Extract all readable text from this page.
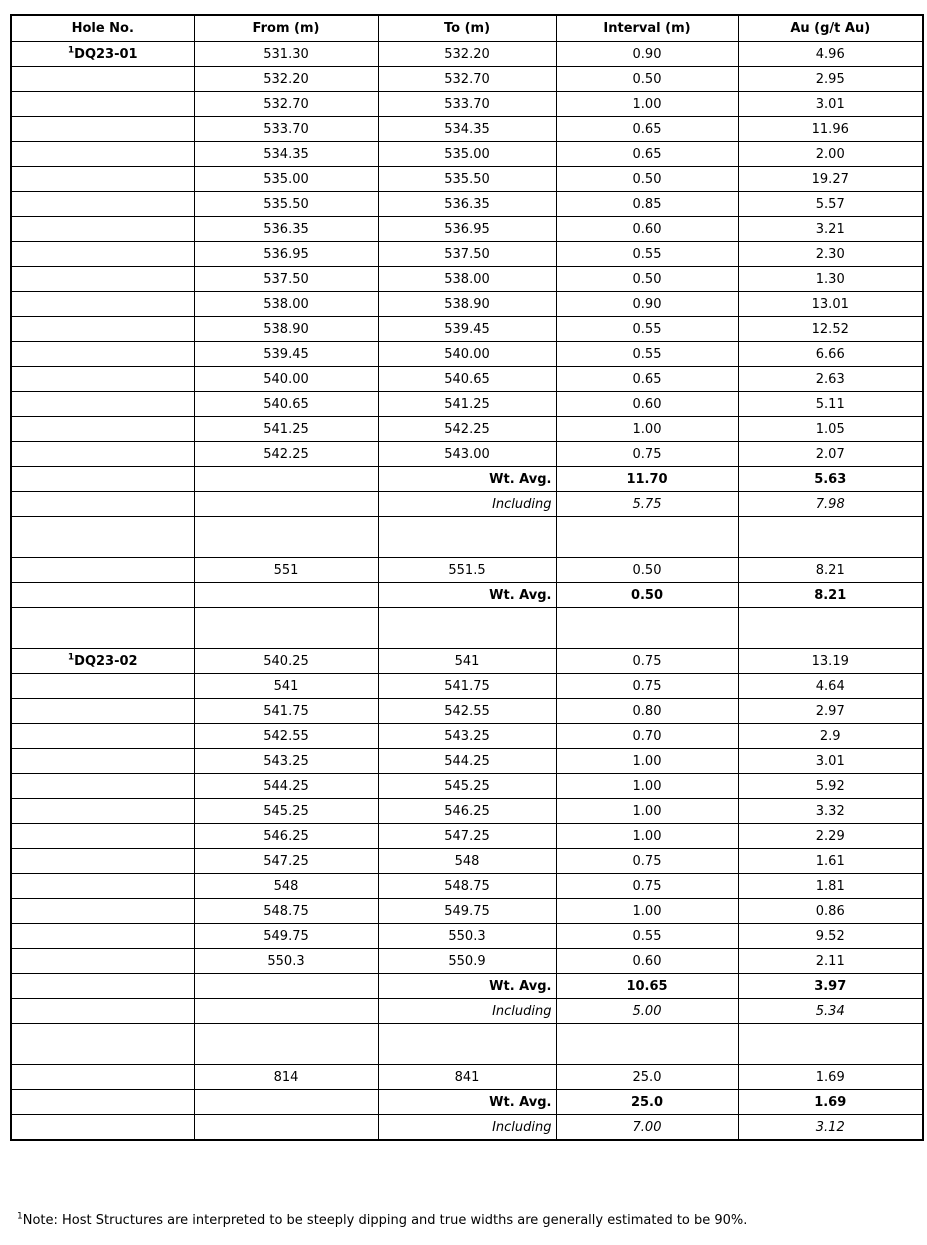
Hole No.	From (m)	To (m)	Interval (m)	Au (g/t Au)
$^1$DQ23-01	531.30	532.20	0.90	4.96
	532.20	532.70	0.50	2.95
	532.70	533.70	1.00	3.01
	533.70	534.35	0.65	11.96
	534.35	535.00	0.65	2.00
	535.00	535.50	0.50	19.27
	535.50	536.35	0.85	5.57
	536.35	536.95	0.60	3.21
	536.95	537.50	0.55	2.30
	537.50	538.00	0.50	1.30
	538.00	538.90	0.90	13.01
	538.90	539.45	0.55	12.52
	539.45	540.00	0.55	6.66
	540.00	540.65	0.65	2.63
	540.65	541.25	0.60	5.11
	541.25	542.25	1.00	1.05
	542.25	543.00	0.75	2.07
		Wt. Avg.	11.70	5.63
		Including	5.75	7.98

	551	551.5	0.50	8.21
		Wt. Avg.	0.50	8.21

$^1$DQ23-02	540.25	541	0.75	13.19
	541	541.75	0.75	4.64
	541.75	542.55	0.80	2.97
	542.55	543.25	0.70	2.9
	543.25	544.25	1.00	3.01
	544.25	545.25	1.00	5.92
	545.25	546.25	1.00	3.32
	546.25	547.25	1.00	2.29
	547.25	548	0.75	1.61
	548	548.75	0.75	1.81
	548.75	549.75	1.00	0.86
	549.75	550.3	0.55	9.52
	550.3	550.9	0.60	2.11
		Wt. Avg.	10.65	3.97
		Including	5.00	5.34

	814	841	25.0	1.69
		Wt. Avg.	25.0	1.69
		Including	7.00	3.12
$^1$Note: Host Structures are interpreted to be steeply dipping and true widths are generally estimated to be 90%.
